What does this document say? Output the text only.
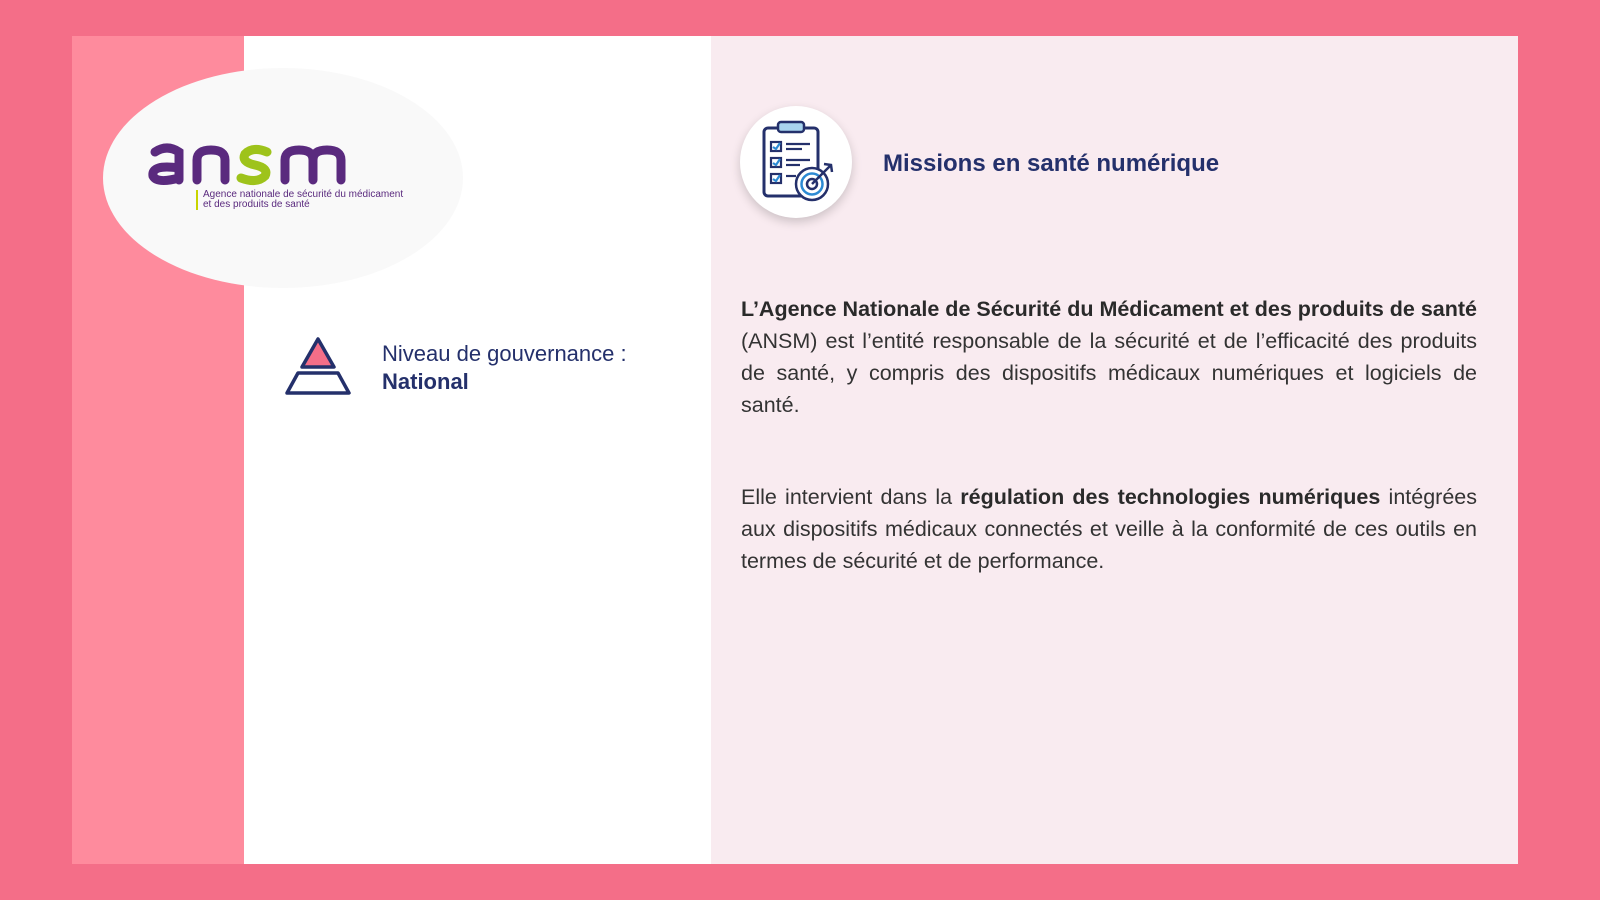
Agence nationale de sécurité du médicament
et des produits de santé
Niveau de gouvernance :
National
Missions en santé numérique

L’Agence Nationale de Sécurité du Médicament et des produits de santé (ANSM) est l’entité responsable de la sécurité et de l’efficacité des produits de santé, y compris des dispositifs médicaux numériques et logiciels de santé.

Elle intervient dans la régulation des technologies numériques intégrées aux dispositifs médicaux connectés et veille à la conformité de ces outils en termes de sécurité et de performance.
